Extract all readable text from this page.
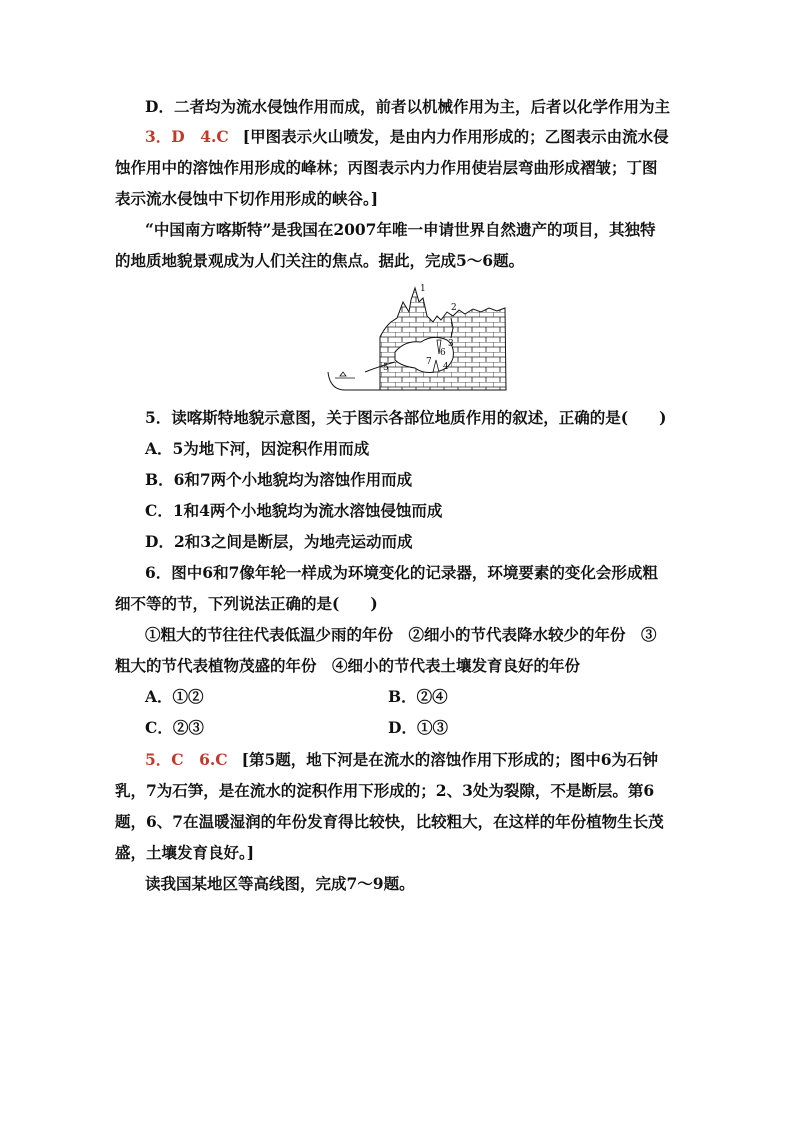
D．二者均为流水侵蚀作用而成，前者以机械作用为主，后者以化学作用为主
3．D　4.C [甲图表示火山喷发，是由内力作用形成的；乙图表示由流水侵
蚀作用中的溶蚀作用形成的峰林；丙图表示内力作用使岩层弯曲形成褶皱；丁图
表示流水侵蚀中下切作用形成的峡谷。]
“中国南方喀斯特”是我国在2007年唯一申请世界自然遗产的项目，其独特
的地质地貌景观成为人们关注的焦点。据此，完成5～6题。
1
2
3
4
5
6
7
5．读喀斯特地貌示意图，关于图示各部位地质作用的叙述，正确的是(　　)
A．5为地下河，因淀积作用而成
B．6和7两个小地貌均为溶蚀作用而成
C．1和4两个小地貌均为流水溶蚀侵蚀而成
D．2和3之间是断层，为地壳运动而成
6．图中6和7像年轮一样成为环境变化的记录器，环境要素的变化会形成粗
细不等的节，下列说法正确的是(　　)
①粗大的节往往代表低温少雨的年份　②细小的节代表降水较少的年份　③
粗大的节代表植物茂盛的年份　④细小的节代表土壤发育良好的年份
A．①②	B．②④
C．②③	D．①③
5．C　6.C [第5题，地下河是在流水的溶蚀作用下形成的；图中6为石钟
乳，7为石笋，是在流水的淀积作用下形成的；2、3处为裂隙，不是断层。第6
题，6、7在温暖湿润的年份发育得比较快，比较粗大，在这样的年份植物生长茂
盛，土壤发育良好。]
读我国某地区等高线图，完成7～9题。
